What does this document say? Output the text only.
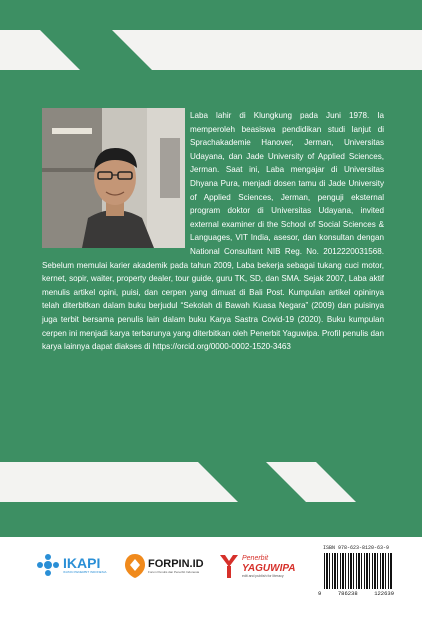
Laba lahir di Klungkung pada Juni 1978. Ia memperoleh beasiswa pendidikan studi lanjut di Sprachakademie Hanover, Jerman, Universitas Udayana, dan Jade University of Applied Sciences, Jerman. Saat ini, Laba mengajar di Universitas Dhyana Pura, menjadi dosen tamu di Jade University of Applied Sciences, Jerman, penguji eksternal program doktor di Universitas Udayana, invited external examiner di the School of Social Sciences & Languages, VIT India, asesor, dan konsultan dengan National Consultant NIB Reg. No. 2012220031568. Sebelum memulai karier akademik pada tahun 2009, Laba bekerja sebagai tukang cuci motor, kernet, sopir, waiter, property dealer, tour guide, guru TK, SD, dan SMA. Sejak 2007, Laba aktif menulis artikel opini, puisi, dan cerpen yang dimuat di Bali Post. Kumpulan artikel opininya telah diterbitkan dalam buku berjudul “Sekolah di Bawah Kuasa Negara” (2009) dan puisinya juga terbit bersama penulis lain dalam buku Karya Sastra Covid-19 (2020). Buku kumpulan cerpen ini menjadi karya terbarunya yang diterbitkan oleh Penerbit Yaguwipa. Profil penulis dan karya lainnya dapat diakses di https://orcid.org/0000-0002-1520-3463

IKAPI
IKATAN PENERBIT INDONESIA
FORPIN.ID
Forum Penulis dan Penerbit Indonesia
Penerbit
YAGUWIPA
edit and publish for literacy
ISBN 978-623-8120-63-9
9	786238	122639
